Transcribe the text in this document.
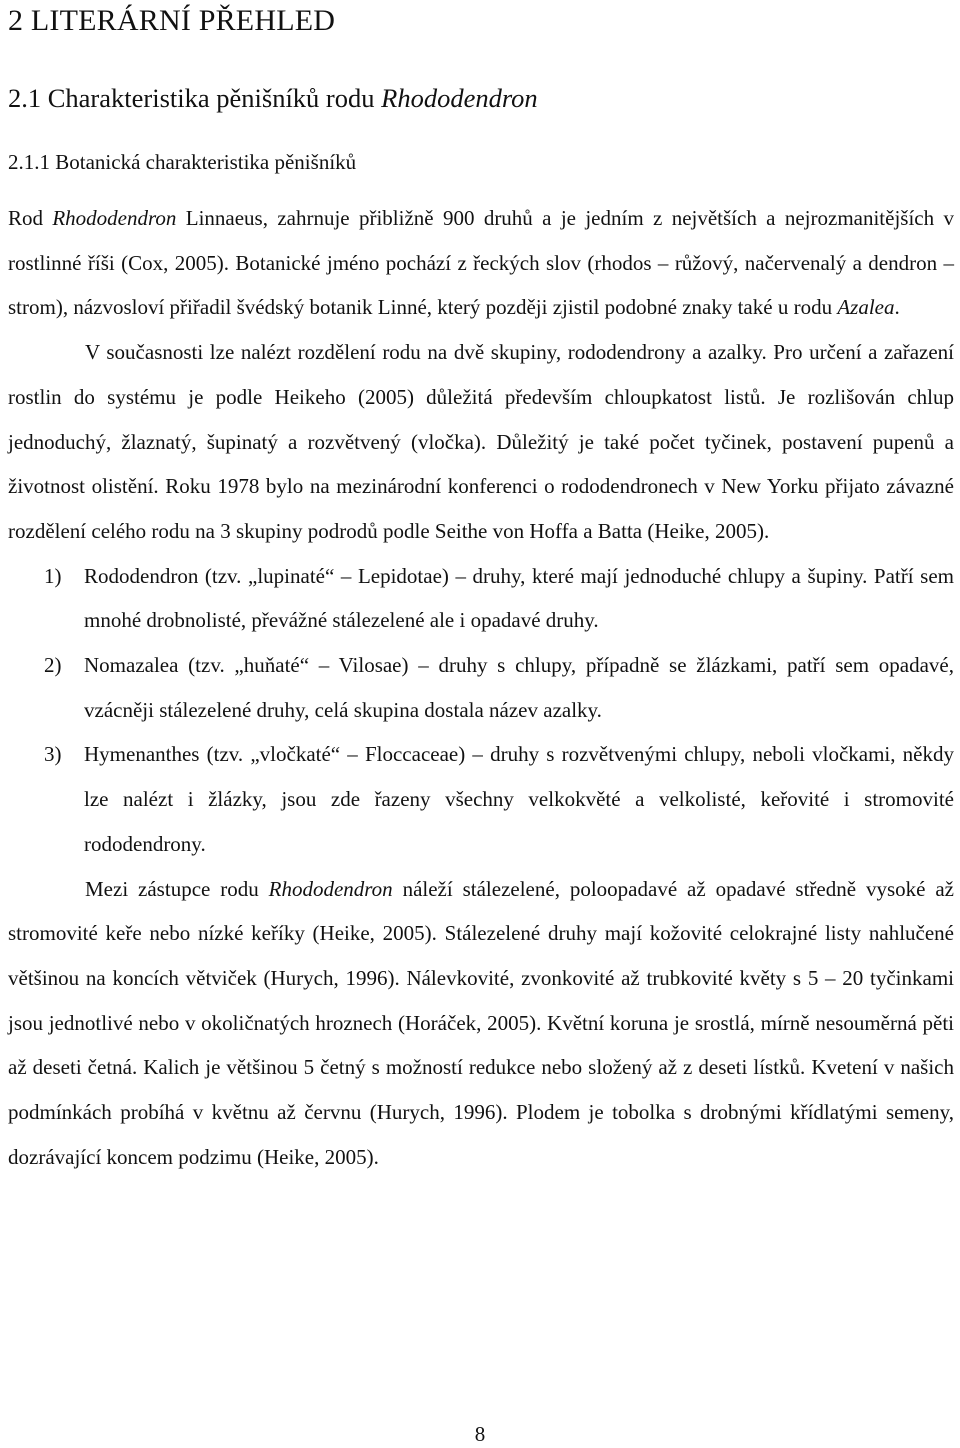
2 LITERÁRNÍ PŘEHLED
2.1 Charakteristika pěnišníků rodu Rhododendron
2.1.1 Botanická charakteristika pěnišníků

Rod Rhododendron Linnaeus, zahrnuje přibližně 900 druhů a je jedním z největších a nejrozmanitějších v rostlinné říši (Cox, 2005). Botanické jméno pochází z řeckých slov (rhodos – růžový, načervenalý a dendron – strom), názvosloví přiřadil švédský botanik Linné, který později zjistil podobné znaky také u rodu Azalea.

V současnosti lze nalézt rozdělení rodu na dvě skupiny, rododendrony a azalky. Pro určení a zařazení rostlin do systému je podle Heikeho (2005) důležitá především chloupkatost listů. Je rozlišován chlup jednoduchý, žlaznatý, šupinatý a rozvětvený (vločka). Důležitý je také počet tyčinek, postavení pupenů a životnost olistění. Roku 1978 bylo na mezinárodní konferenci o rododendronech v New Yorku přijato závazné rozdělení celého rodu na 3 skupiny podrodů podle Seithe von Hoffa a Batta (Heike, 2005).

1) Rododendron (tzv. „lupinaté“ – Lepidotae) – druhy, které mají jednoduché chlupy a šupiny. Patří sem mnohé drobnolisté, převážné stálezelené ale i opadavé druhy.
2) Nomazalea (tzv. „huňaté“ – Vilosae) – druhy s chlupy, případně se žlázkami, patří sem opadavé, vzácněji stálezelené druhy, celá skupina dostala název azalky.
3) Hymenanthes (tzv. „vločkaté“ – Floccaceae) – druhy s rozvětvenými chlupy, neboli vločkami, někdy lze nalézt i žlázky, jsou zde řazeny všechny velkokvěté a velkolisté, keřovité i stromovité rododendrony.

Mezi zástupce rodu Rhododendron náleží stálezelené, poloopadavé až opadavé středně vysoké až stromovité keře nebo nízké keříky (Heike, 2005). Stálezelené druhy mají kožovité celokrajné listy nahlučené většinou na koncích větviček (Hurych, 1996). Nálevkovité, zvonkovité až trubkovité květy s 5 – 20 tyčinkami jsou jednotlivé nebo v okoličnatých hroznech (Horáček, 2005). Květní koruna je srostlá, mírně nesouměrná pěti až deseti četná. Kalich je většinou 5 četný s možností redukce nebo složený až z deseti lístků. Kvetení v našich podmínkách probíhá v květnu až červnu (Hurych, 1996). Plodem je tobolka s drobnými křídlatými semeny, dozrávající koncem podzimu (Heike, 2005).

8
